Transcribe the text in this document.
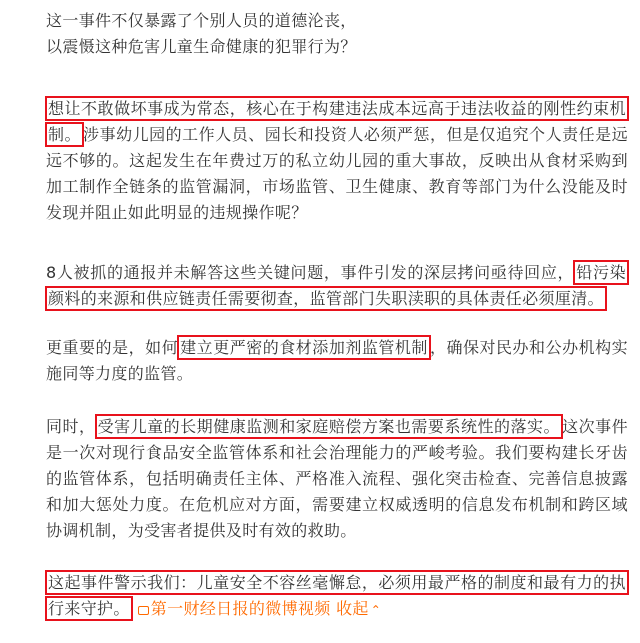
这一事件不仅暴露了个别人员的道德沦丧，
以震慑这种危害儿童生命健康的犯罪行为？

想让不敢做坏事成为常态，核心在于构建违法成本远高于违法收益的刚性约束机制。 涉事幼儿园的工作人员、园长和投资人必须严惩，但是仅追究个人责任是远远不够的。这起发生在年费过万的私立幼儿园的重大事故，反映出从食材采购到加工制作全链条的监管漏洞，市场监管、卫生健康、教育等部门为什么没能及时发现并阻止如此明显的违规操作呢？

8人被抓的通报并未解答这些关键问题，事件引发的深层拷问亟待回应， 铅污染颜料的来源和供应链责任需要彻查，监管部门失职渎职的具体责任必须厘清。

更重要的是，如何 建立更严密的食材添加剂监管机制 ，确保对民办和公办机构实施同等力度的监管。

同时， 受害儿童的长期健康监测和家庭赔偿方案也需要系统性的落实。 这次事件是一次对现行食品安全监管体系和社会治理能力的严峻考验。我们要构建长牙齿的监管体系，包括明确责任主体、严格准入流程、强化突击检查、完善信息披露和加大惩处力度。在危机应对方面，需要建立权威透明的信息发布机制和跨区域协调机制，为受害者提供及时有效的救助。

这起事件警示我们：儿童安全不容丝毫懈怠，必须用最严格的制度和最有力的执行来守护。 第一财经日报的微博视频 收起 ⌃
